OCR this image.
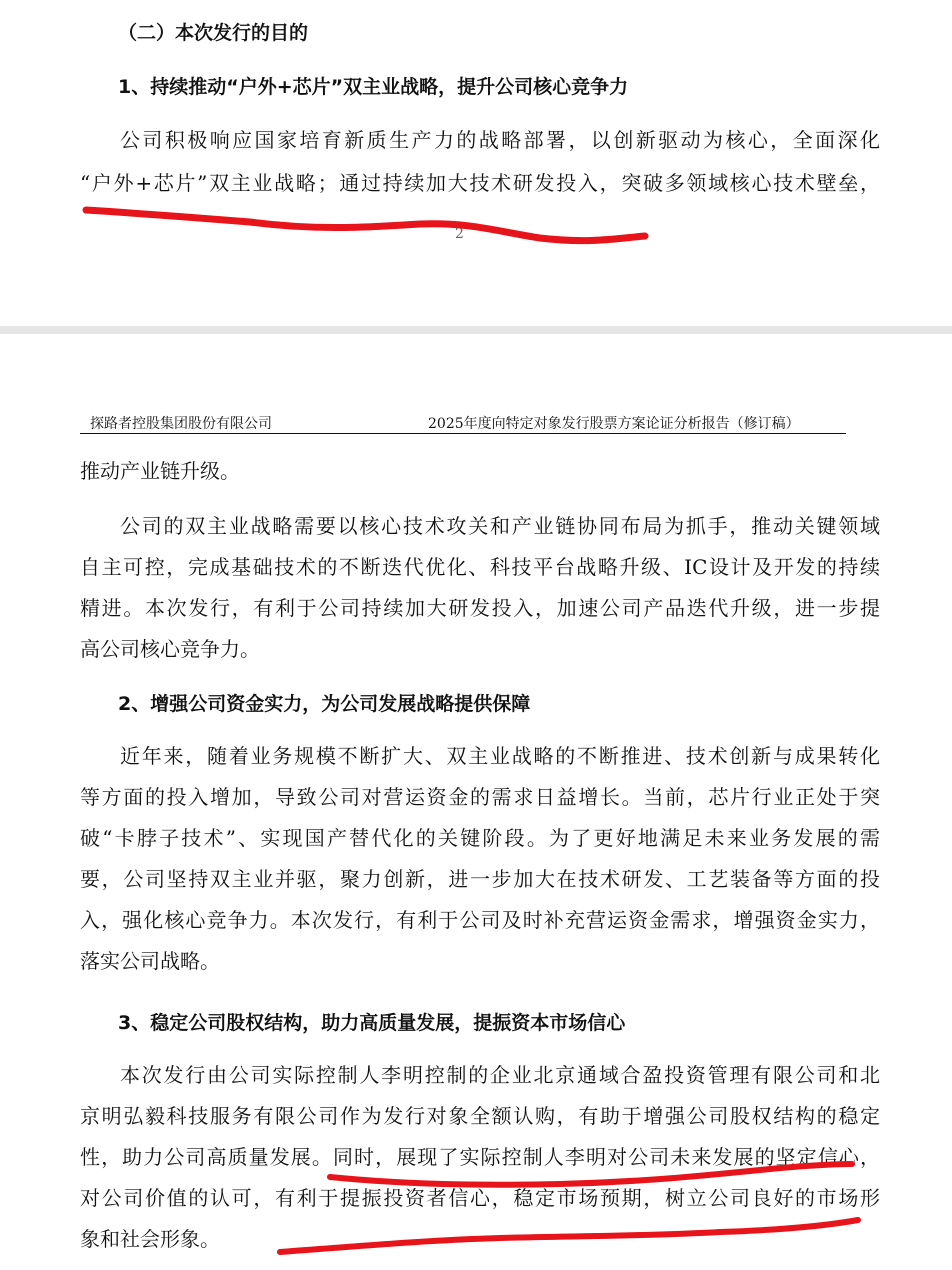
（二）本次发行的目的
1、持续推动“户外+芯片”双主业战略，提升公司核心竞争力
公司积极响应国家培育新质生产力的战略部署，以创新驱动为核心，全面深化
“户外+芯片”双主业战略；通过持续加大技术研发投入，突破多领域核心技术壁垒，
2
探路者控股集团股份有限公司	2025年度向特定对象发行股票方案论证分析报告（修订稿）
推动产业链升级。
公司的双主业战略需要以核心技术攻关和产业链协同布局为抓手，推动关键领域
自主可控，完成基础技术的不断迭代优化、科技平台战略升级、IC设计及开发的持续
精进。本次发行，有利于公司持续加大研发投入，加速公司产品迭代升级，进一步提
高公司核心竞争力。
2、增强公司资金实力，为公司发展战略提供保障
近年来，随着业务规模不断扩大、双主业战略的不断推进、技术创新与成果转化
等方面的投入增加，导致公司对营运资金的需求日益增长。当前，芯片行业正处于突
破“卡脖子技术”、实现国产替代化的关键阶段。为了更好地满足未来业务发展的需
要，公司坚持双主业并驱，聚力创新，进一步加大在技术研发、工艺装备等方面的投
入，强化核心竞争力。本次发行，有利于公司及时补充营运资金需求，增强资金实力，
落实公司战略。
3、稳定公司股权结构，助力高质量发展，提振资本市场信心
本次发行由公司实际控制人李明控制的企业北京通域合盈投资管理有限公司和北
京明弘毅科技服务有限公司作为发行对象全额认购，有助于增强公司股权结构的稳定
性，助力公司高质量发展。同时，展现了实际控制人李明对公司未来发展的坚定信心，
对公司价值的认可，有利于提振投资者信心，稳定市场预期，树立公司良好的市场形
象和社会形象。
